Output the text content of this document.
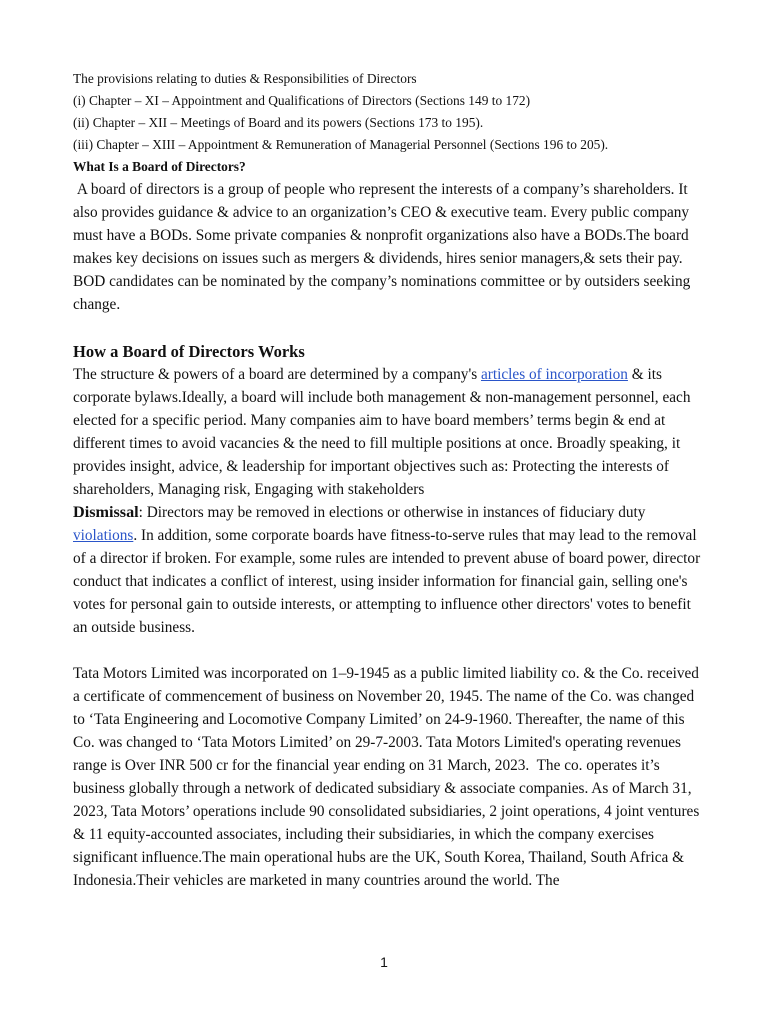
The provisions relating to duties & Responsibilities of Directors
(i) Chapter – XI – Appointment and Qualifications of Directors (Sections 149 to 172)
(ii) Chapter – XII – Meetings of Board and its powers (Sections 173 to 195).
(iii) Chapter – XIII – Appointment & Remuneration of Managerial Personnel (Sections 196 to 205).
What Is a Board of Directors?

A board of directors is a group of people who represent the interests of a company’s shareholders. It also provides guidance & advice to an organization’s CEO & executive team. Every public company must have a BODs. Some private companies & nonprofit organizations also have a BODs.The board makes key decisions on issues such as mergers & dividends, hires senior managers,& sets their pay. BOD candidates can be nominated by the company’s nominations committee or by outsiders seeking change.

How a Board of Directors Works

The structure & powers of a board are determined by a company's articles of incorporation & its corporate bylaws.Ideally, a board will include both management & non-management personnel, each elected for a specific period. Many companies aim to have board members’ terms begin & end at different times to avoid vacancies & the need to fill multiple positions at once. Broadly speaking, it provides insight, advice, & leadership for important objectives such as: Protecting the interests of shareholders, Managing risk, Engaging with stakeholders

Dismissal: Directors may be removed in elections or otherwise in instances of fiduciary duty violations. In addition, some corporate boards have fitness-to-serve rules that may lead to the removal of a director if broken. For example, some rules are intended to prevent abuse of board power, director conduct that indicates a conflict of interest, using insider information for financial gain, selling one's votes for personal gain to outside interests, or attempting to influence other directors' votes to benefit an outside business.

Tata Motors Limited was incorporated on 1–9-1945 as a public limited liability co. & the Co. received a certificate of commencement of business on November 20, 1945. The name of the Co. was changed to ‘Tata Engineering and Locomotive Company Limited’ on 24-9-1960. Thereafter, the name of this Co. was changed to ‘Tata Motors Limited’ on 29-7-2003. Tata Motors Limited's operating revenues range is Over INR 500 cr for the financial year ending on 31 March, 2023.  The co. operates it’s business globally through a network of dedicated subsidiary & associate companies. As of March 31, 2023, Tata Motors’ operations include 90 consolidated subsidiaries, 2 joint operations, 4 joint ventures & 11 equity-accounted associates, including their subsidiaries, in which the company exercises significant influence.The main operational hubs are the UK, South Korea, Thailand, South Africa & Indonesia.Their vehicles are marketed in many countries around the world. The

1
